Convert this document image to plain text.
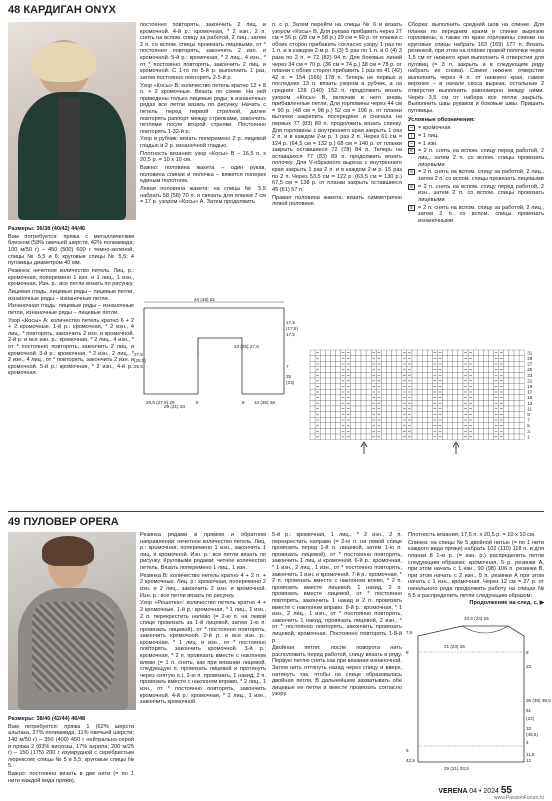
48 КАРДИГАН ONYX

Размеры: 36/38 (40/42) 44/46

Вам потребуется: пряжа с металлическим блеском (58% овечьей шерсти, 42% полиамида; 100 м/50 г) – 450 (500) 600 г темно-зеленой, спицы № 5,5 и 6; круговые спицы № 5,5; 4 пуговицы диаметром 40 мм.

Резинка: нечетное количество петель. Лиц. р.: кромочная, поперемено 1 изн. и 1 лиц., 1 изн., кромочная. Изн. р.: все петли вязать по рисунку.

Лицевая гладь: лицевые ряды – лицевые петли, изнаночные ряды – изнаночные петли.

Изнаночная гладь: лицевые ряды – изнаночные петли, изнаночные ряды – лицевые петли.

Узор «Косы» А: количество петель кратно 6 + 2 + 2 кромочные. 1-й р.: кромочная, * 2 изн., 4 лиц., * повторять, закончить 2 изн. и кромочной. 2-й р. и все изн. р.: кромочная, * 2 лиц., 4 изн., * от * постоянно повторять, закончить 2 лиц. и кромочной. 3-й р.: кромочная, * 2 изн., 2 лиц., * 2 изн., 4 лиц., от * повторять, закончить 2 изн. и кромочной. 5-й р.: кромочная, * 2 изн., 4-й р.: кромочная.

постоянно повторять, закончить 2 лиц. и кромочной. 4-й р.: кромочная, * 2 изн., 2 п. снять на вспом. спицу за работой, 2 лиц., затем 2 п. со вспом. спицы провязать лицевыми, от * постоянно повторять, закончить 2 изн. и кромочной. 5-й р.: кромочная, * 2 лиц., 4 изн., * от * постоянно повторять, закончить 2 лиц. и кромочной. С 1-го по 5-й р. выполнить 1 раз, затем постоянно повторять 2-5-й р.

Узор «Косы» В: количество петель кратно 12 + 8 п. + 2 кромочные. Вязать по схеме. На ней приведены только лицевые ряды; в изнаночных рядах все петли вязать по рисунку. Начать с петель перед первой стрелкой, далее повторять раппорт между стрелками, закончить петлями после второй стрелки. Постоянно повторять 1-32-й р.

Узор в рубчик: вязать поперемено 2 р. лицевой гладью и 2 р. изнаночной гладью.

Плотность вязания: узор «Косы» B – 16,5 п. x 20,5 р. = 10 x 10 см.

Важно: половина жакета – один рукав, половина спинки и полочка – вяжется поперек единым полотном.

Левая половина жакета: на спицы № 5,5 набрать 58 (58) 70 п. и связать для планки 7 см = 17 р. узором «Косы» А. Затем продолжить

п. с р. Затем перейти на спицы № 6 и вязать узором «Косы» В. Для рукава прибавить через 27 см = 56 р. (28 см = 58 р.) 29 см = 60 р. от планки с обоих сторон прибавить согласно узору 1 раз по 1 п. и в каждом 2-м р. 6 (3) 5 раз по 1 п. и 0 (4) 3 раза по 2 п. = 72 (82) 94 п. Для боковых линий через 34 см = 70 р. (36 см = 74 р.) 38 см = 78 р. от планки с обоих сторон прибавить 1 раз по 41 (42) 42 п. = 154 (166) 178 п. Теперь не первых и последних 13 п. вязать узором в рубчик, а на средних 128 (140) 152 п. продолжить вязать узором «Косы» B, включив в него вновь прибавленные петли. Для горловины через 44 см = 90 р. (48 см = 98 р.) 52 см = 106 р. от планки вытачки закрепить посередине и сначала на первых 77 (83) 89 п. продолжить вязать спинку. Для горловины с внутреннего края закрыть 1 раз 2 п. и в каждом 2-м р. 1 раз 2 п. Через 61 см = 124 р. (64,5 см = 132 р.) 68 см = 140 р. от планки закрыть оставшиеся 72 (78) 84 п. Теперь на оставшихся 77 (83) 89 п. продолжить вязать полочку. Для V-образного выреза с внутреннего края закрыть 1 раз 2 п. и в каждом 2-м р. 15 раз по 2 п. Через 53,5 см = 122 р. (63,5 см = 130 р.) 67,5 см = 138 р. от планки закрыть оставшиеся 45 (51) 57 п.

Правая половина жакета: вязать симметрично левой половине.

Сборка: выполнить средний шов на спинке. Для планки по передним краям и спинке вырезов горловины, а также по краю горловины спинки на круговые спицы набрать 163 (169) 177 п. Вязать резинкой, при этом на планке правой полочки через 1,5 см от нижнего края выполнить 4 отверстия для пуговиц (= 3 п. закрыть и в следующем ряду набрать их снова). Самое нижнее отверстие выполнить через 4 п. от нижнего края, самое верхнее – в начале скоса выреза, остальные 2 отверстия выполнить равномерно между ними. Через 3,5 см от набора все петли закрыть. Выполнить швы рукавов и боковые швы. Пришить пуговицы.

Условные обозначения:

– = кромочная
|	= 1 лиц.
– = 1 изн.
≡ = 2 п. снять на вспом. спицу перед работой, 2 лиц., затем 2 п. со вспом. спицы провязать лицевыми
≡ = 2 п. снять на вспом. спицу за работой, 2 лиц., затем 2 п. со вспом. спицы провязать лицевыми
≡ = 2 п. снять на вспом. спицу перед работой, 2 изн., затем 2 п. со вспом. спицы провязать лицевыми
≡ = 2 п. снять на вспом. спицу за работой, 2 лиц., затем 2 п. со вспом. спицы провязать изнаночными
44 (48) 52
17,5
(17,5)
17,5
27,5
(25,5)
25,5	7
23 (25) 27,5
25
(23)
25,5 (27,5) 29	8	8 34 (36) 38
29 (31) 33
31
29
27
25
23
21
19
17
15
13
11
9
7
5
3
1
49 ПУЛОВЕР OPERA

Размеры: 38/40 (42/44) 46/48

Вам потребуется: пряжа 1 (62% шерсти альпака, 27% полиамида, 11% овечьей шерсти; 140 м/50 г) – 350 (400) 450 г нейтрально-серой и пряжа 2 (83% вискозы, 17% акрила; 200 м/25 г) – 150 (175) 200 г изумрудной с серебристым люрексом; спицы № 5 и 5,5; круговые спицы № 5.

Важно: постоянно вязать в две нити (= по 1 нити каждой вида пряжи).

Резинка рядами в прямом и обратном направлении: нечетное количество петель. Лиц. р.: кромочная, поперемено 1 изн., закончить 1 лиц. и кромочной. Изн. р.: все петли вязать по рисунку. Круговыми рядами: четное количество петель. Вязать поперемено 1 лиц., 1 изн.

Резинка В: количество петель кратно 4 + 2 п. + 2 кромочные. Лиц. р.: кромочная, поперемено 2 изн. и 2 лиц., закончить 2 изн. и кромочной. Изн. р.: все петли вязать по рисунку.

Узор «Решетка»: количество петель кратно 4 + 2 кромочные. 1-й р.: кромочная, * 1 лиц., 1 изн., 2 п. перекрестить налево (= 2-ю п. на левой спице провязать за 1-й лицевой, затем 1-ю п. провязать лицевой), от * постоянно повторять, закончить кромочной. 2-й р. и все изн. р.: кромочная, * 1 лиц. и изн., от * постоянно повторять, закончить кромочной. 3-й р.: кромочная, * 2 п. провязать вместе с наклоном влево (= 1 п. снять, как при вязании лицевой, следующую п. провязать лицевой и протянуть через снятую п.), 2-ю п. провязать, 1 накид, 2 п. провязать вместе с наклоном вправо, * 2 лиц., 1 изн., от * постоянно повторять, закончить кромочной. 4-й р.: кромочная, * 2 лиц., 1 изн., закончить кромочной.

5-й р.: кромочная, 1 лиц., * 2 изн., 2 п. перекрестить направо (= 2-ю п. на левой спице провязать перед 1-й п. лицевой, затем 1-ю п. провязать лицевой), от * постоянно повторять, закончить 1 лиц. и кромочной. 6-й р.: кромочная, * 1 изн., 2 лиц., 1 изн., от * постоянно повторять, закончить 1 изн. и кромочной. 7-й р.: кромочная, * 2 п. провязать вместе с наклоном влево, * 2 п. провязать вместе лицевой, 1 накид, 2 п. провязать вместе лицевой, от * постоянно повторять, закончить 1 накид и 2 п. провязать вместе с наклоном вправо. 8-й р.: кромочная, * 1 изн., 2 лиц., 1 изн., от * постоянно повторять, закончить 1 накид, провязать лицевой, 2 изн., * от * постоянно повторять, закончить провязать лицевой, кромочная. Постоянно повторять 1-8-й р.

Двойная петля: после поворота нить расположить перед работой, спицу вязать в ряду. Первую петлю снять как при вязании изнаночной. Затем нить оттянуть назад через спицу и вверх, натянуть так, чтобы на спице образовалась двойная петля. В дальнейшем захватывать обе лицевые ее петли и вместе провязать согласно узору.

Плотность вязания: 17,5 п. x 20,5 р. = 10 x 10 см.

Спинка: на спицы № 5 двойной нитью (= по 1 нити каждого вида пряжи) набрать 102 (110) 118 п. и для планки 8 1-м р. (= изн. р.) распределить петли следующим образом: кромочная, 5 р. резинки А, при этом начать с 1 изн., 90 (98) 106 п. резинки В, при этом начать с 2 изн., 5 п. резинки А при этом начать с 1 изн., кромочная. Через 12 см = 27 р. от начального ряда продолжить работу на спицах № 5,5 и распределить петли следующим образом:

Продолжение на след. с. ▶

33,5 (23) 25
7,5
21 (23) 25
8	8
23
36 (38) 38,5
61
(22)
32
(46,5)
4
5
42,5
11,5
12
29 (31) 33,5
VERENA 04 • 2024 55
www.PassionForum.ru
